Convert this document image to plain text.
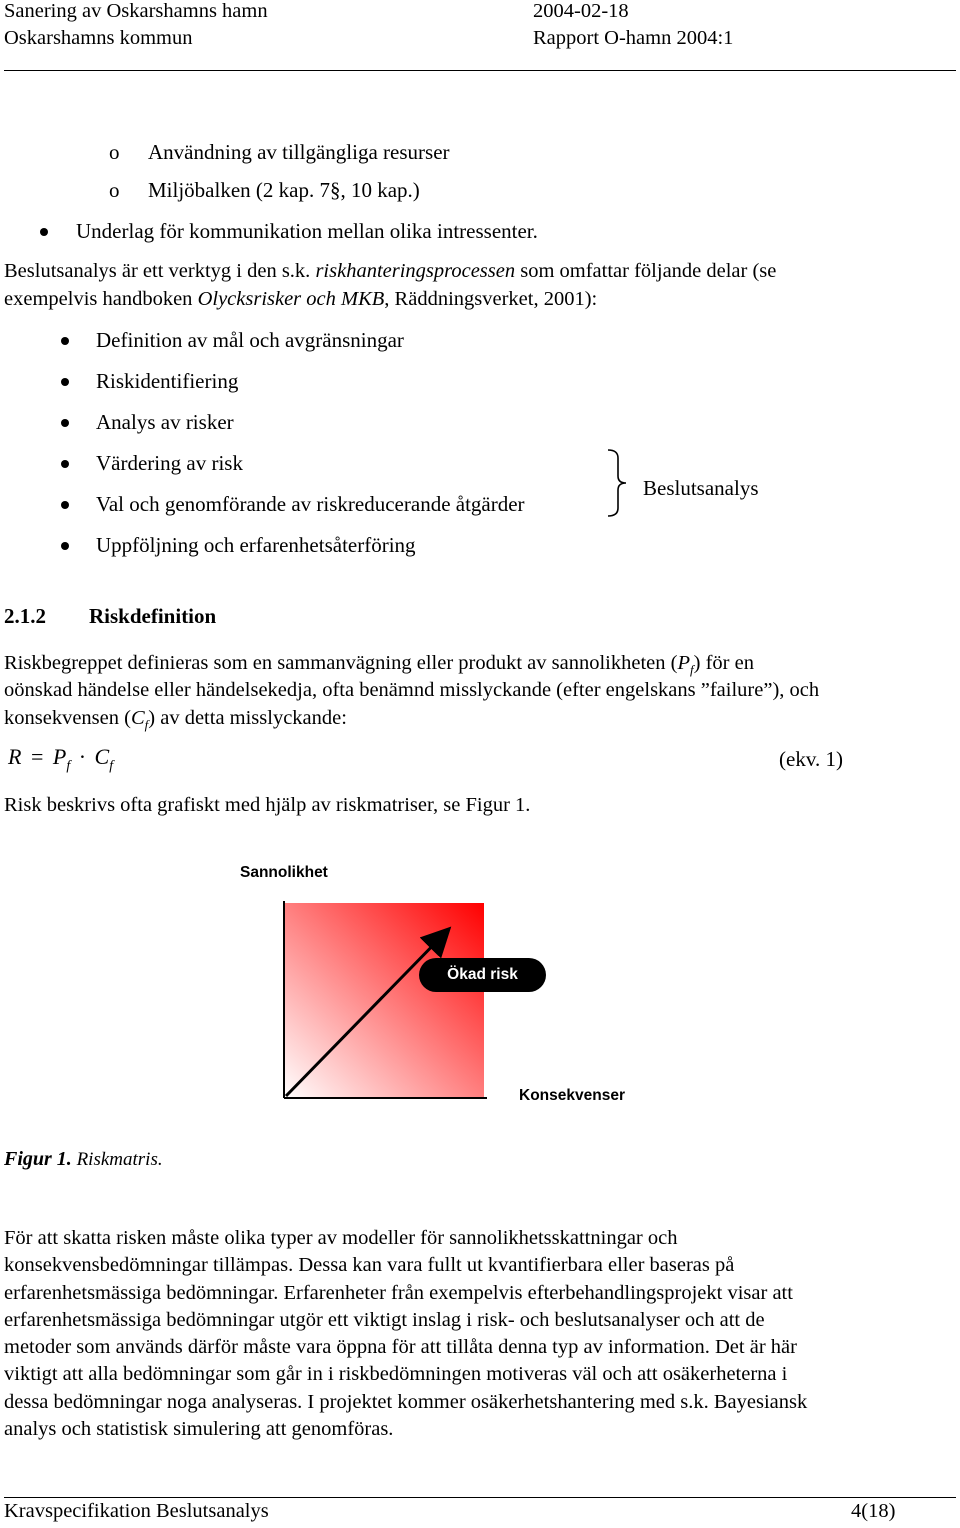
Sanering av Oskarshamns hamn
Oskarshamns kommun
2004-02-18
Rapport O-hamn 2004:1
o Användning av tillgängliga resurser
o Miljöbalken (2 kap. 7§, 10 kap.)
Underlag för kommunikation mellan olika intressenter.
Beslutsanalys är ett verktyg i den s.k. riskhanteringsprocessen som omfattar följande delar (se
exempelvis handboken Olycksrisker och MKB, Räddningsverket, 2001):
Definition av mål och avgränsningar
Riskidentifiering
Analys av risker
Värdering av risk
Val och genomförande av riskreducerande åtgärder
Uppföljning och erfarenhetsåterföring
Beslutsanalys
2.1.2 Riskdefinition
Riskbegreppet definieras som en sammanvägning eller produkt av sannolikheten $(P_f)$ för en
oönskad händelse eller händelsekedja, ofta benämnd misslyckande (efter engelskans ”failure”), och
konsekvensen $(C_f)$ av detta misslyckande:
$R = P_f \cdot C_f$	(ekv. 1)
Risk beskrivs ofta grafiskt med hjälp av riskmatriser, se Figur 1.
Sannolikhet
Ökad risk
Konsekvenser
Figur 1. Riskmatris.
För att skatta risken måste olika typer av modeller för sannolikhetsskattningar och
konsekvensbedömningar tillämpas. Dessa kan vara fullt ut kvantifierbara eller baseras på
erfarenhetsmässiga bedömningar. Erfarenheter från exempelvis efterbehandlingsprojekt visar att
erfarenhetsmässiga bedömningar utgör ett viktigt inslag i risk- och beslutsanalyser och att de
metoder som används därför måste vara öppna för att tillåta denna typ av information. Det är här
viktigt att alla bedömningar som går in i riskbedömningen motiveras väl och att osäkerheterna i
dessa bedömningar noga analyseras. I projektet kommer osäkerhetshantering med s.k. Bayesiansk
analys och statistisk simulering att genomföras.
Kravspecifikation Beslutsanalys	4(18)
